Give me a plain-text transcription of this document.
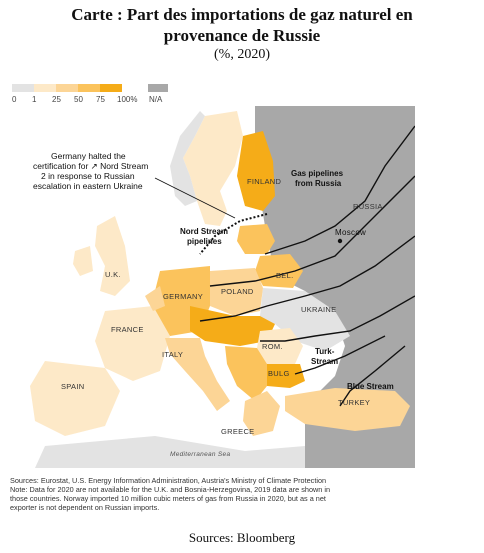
Carte : Part des importations de gaz naturel en
provenance de Russie
(%, 2020)
0 1 25 50 75 100% N/A
FINLAND
RUSSIA
Moscow
U.K.
GERMANY
POLAND
BEL.
UKRAINE
FRANCE
ITALY
ROM.
BULG
SPAIN
TURKEY
GREECE
Mediterranean Sea
Nord Stream
pipelines
Gas pipelines
from Russia
Turk-
Stream
Blue Stream
Germany halted the
certification for ↗ Nord Stream
2 in response to Russian
escalation in eastern Ukraine
Sources: Eurostat, U.S. Energy Information Administration, Austria's Ministry of Climate Protection
Note: Data for 2020 are not available for the U.K. and Bosnia-Herzegovina, 2019 data are shown in
those countries. Norway imported 10 million cubic meters of gas from Russia in 2020, but as a net
exporter is not dependent on Russian imports.
Sources: Bloomberg
